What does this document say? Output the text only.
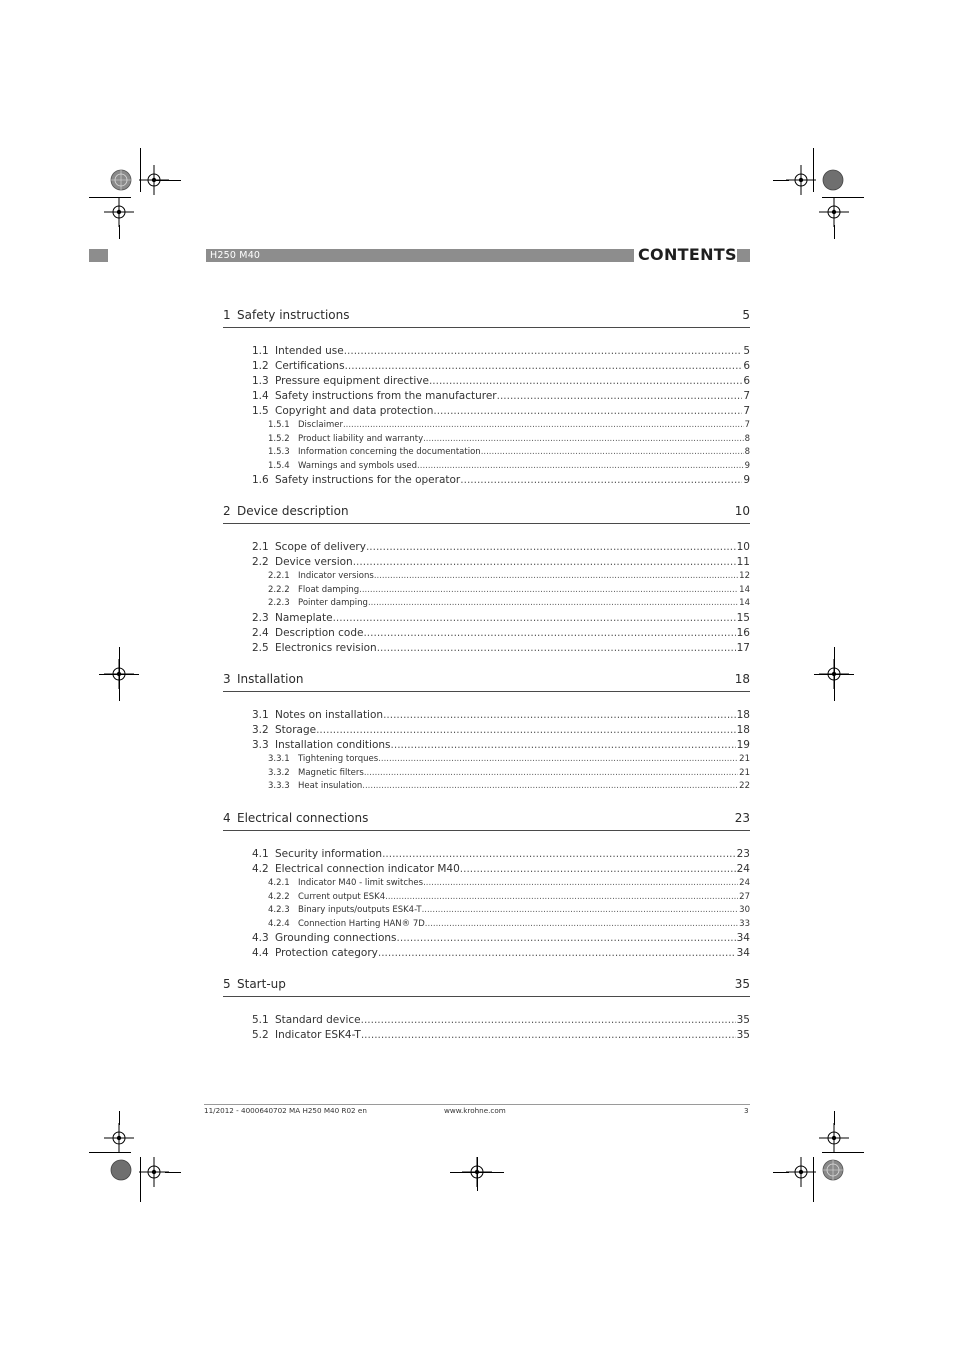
H250 M40	CONTENTS
1 Safety instructions	5
1.1 Intended use .....	5
1.2 Certifications .....	6
1.3 Pressure equipment directive .....	6
1.4 Safety instructions from the manufacturer .....	7
1.5 Copyright and data protection .....	7
1.5.1 Disclaimer .....	7
1.5.2 Product liability and warranty .....	8
1.5.3 Information concerning the documentation .....	8
1.5.4 Warnings and symbols used .....	9
1.6 Safety instructions for the operator .....	9
2 Device description	10
2.1 Scope of delivery .....	10
2.2 Device version .....	11
2.2.1 Indicator versions .....	12
2.2.2 Float damping .....	14
2.2.3 Pointer damping .....	14
2.3 Nameplate .....	15
2.4 Description code .....	16
2.5 Electronics revision .....	17
3 Installation	18
3.1 Notes on installation .....	18
3.2 Storage .....	18
3.3 Installation conditions .....	19
3.3.1 Tightening torques .....	21
3.3.2 Magnetic filters .....	21
3.3.3 Heat insulation .....	22
4 Electrical connections	23
4.1 Security information .....	23
4.2 Electrical connection indicator M40 .....	24
4.2.1 Indicator M40 - limit switches .....	24
4.2.2 Current output ESK4 .....	27
4.2.3 Binary inputs/outputs ESK4-T .....	30
4.2.4 Connection Harting HAN® 7D .....	33
4.3 Grounding connections .....	34
4.4 Protection category .....	34
5 Start-up	35
5.1 Standard device .....	35
5.2 Indicator ESK4-T .....	35
11/2012 - 4000640702 MA H250 M40 R02 en	www.krohne.com	3
